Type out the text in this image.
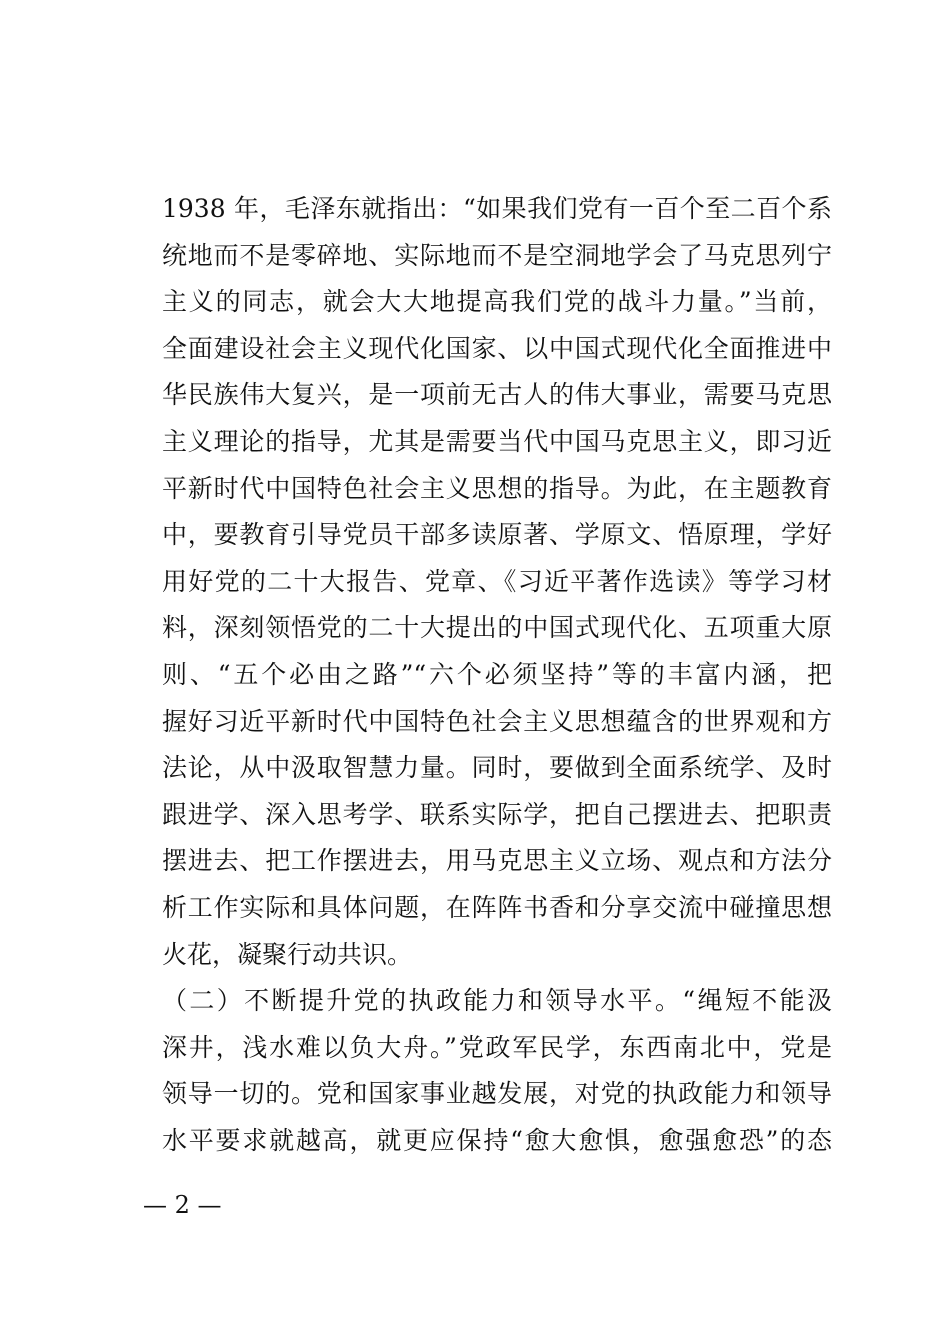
1938 年，毛泽东就指出：“如果我们党有一百个至二百个系
统地而不是零碎地、实际地而不是空洞地学会了马克思列宁
主义的同志，就会大大地提高我们党的战斗力量。”当前，
全面建设社会主义现代化国家、以中国式现代化全面推进中
华民族伟大复兴，是一项前无古人的伟大事业，需要马克思
主义理论的指导，尤其是需要当代中国马克思主义，即习近
平新时代中国特色社会主义思想的指导。为此，在主题教育
中，要教育引导党员干部多读原著、学原文、悟原理，学好
用好党的二十大报告、党章、《习近平著作选读》等学习材
料，深刻领悟党的二十大提出的中国式现代化、五项重大原
则、“五个必由之路”“六个必须坚持”等的丰富内涵，把
握好习近平新时代中国特色社会主义思想蕴含的世界观和方
法论，从中汲取智慧力量。同时，要做到全面系统学、及时
跟进学、深入思考学、联系实际学，把自己摆进去、把职责
摆进去、把工作摆进去，用马克思主义立场、观点和方法分
析工作实际和具体问题，在阵阵书香和分享交流中碰撞思想
火花，凝聚行动共识。
（二）不断提升党的执政能力和领导水平。“绳短不能汲
深井，浅水难以负大舟。”党政军民学，东西南北中，党是
领导一切的。党和国家事业越发展，对党的执政能力和领导
水平要求就越高，就更应保持“愈大愈惧，愈强愈恐”的态
— 2 —
